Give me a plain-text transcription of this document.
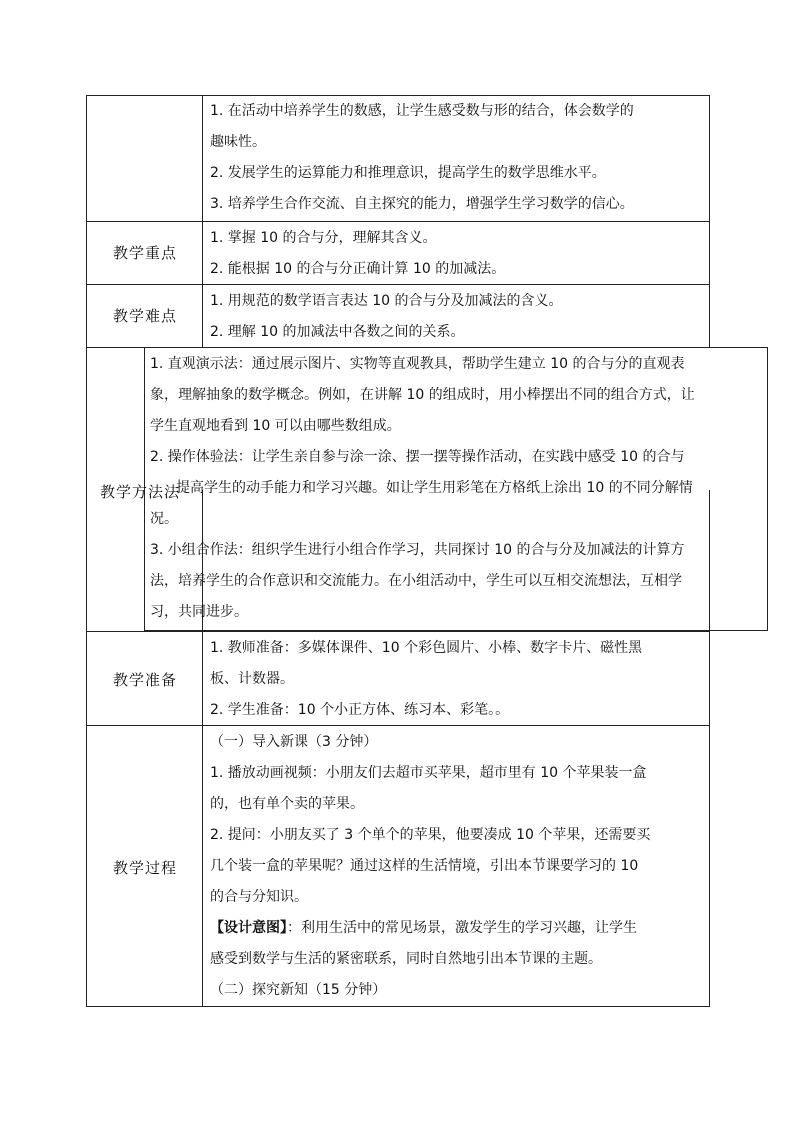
1. 在活动中培养学生的数感，让学生感受数与形的结合，体会数学的
趣味性。
2. 发展学生的运算能力和推理意识，提高学生的数学思维水平。
3. 培养学生合作交流、自主探究的能力，增强学生学习数学的信心。
教学重点
1. 掌握 10 的合与分，理解其含义。
2. 能根据 10 的合与分正确计算 10 的加减法。
教学难点
1. 用规范的数学语言表达 10 的合与分及加减法的含义。
2. 理解 10 的加减法中各数之间的关系。
1. 直观演示法：通过展示图片、实物等直观教具，帮助学生建立 10 的合与分的直观表
象，理解抽象的数学概念。例如，在讲解 10 的组成时，用小棒摆出不同的组合方式，让
学生直观地看到 10 可以由哪些数组成。
2. 操作体验法：让学生亲自参与涂一涂、摆一摆等操作活动，在实践中感受 10 的合与
提高学生的动手能力和学习兴趣。如让学生用彩笔在方格纸上涂出 10 的不同分解情
况。
3. 小组合作法：组织学生进行小组合作学习，共同探讨 10 的合与分及加减法的计算方
法，培养学生的合作意识和交流能力。在小组活动中，学生可以互相交流想法，互相学
习，共同进步。
教学方法法
教学准备
1. 教师准备：多媒体课件、10 个彩色圆片、小棒、数字卡片、磁性黑
板、计数器。
2. 学生准备：10 个小正方体、练习本、彩笔。。
教学过程
（一）导入新课（3 分钟）
1. 播放动画视频：小朋友们去超市买苹果，超市里有 10 个苹果装一盒
的，也有单个卖的苹果。
2. 提问：小朋友买了 3 个单个的苹果，他要凑成 10 个苹果，还需要买
几个装一盒的苹果呢？通过这样的生活情境，引出本节课要学习的 10
的合与分知识。
【设计意图】：利用生活中的常见场景，激发学生的学习兴趣，让学生
感受到数学与生活的紧密联系，同时自然地引出本节课的主题。
（二）探究新知（15 分钟）
